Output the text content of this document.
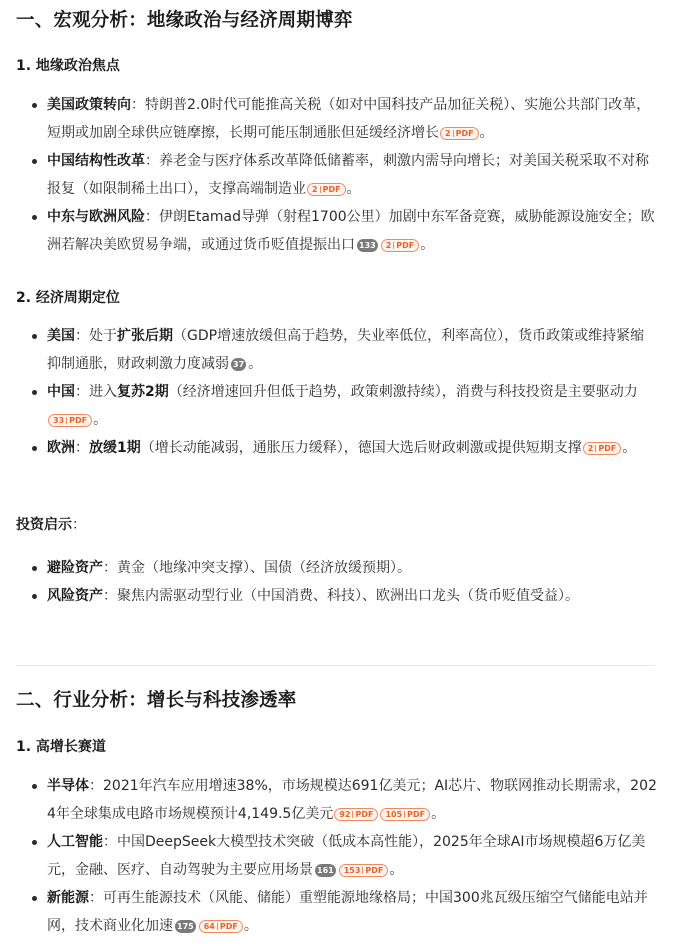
一、宏观分析：地缘政治与经济周期博弈
1. 地缘政治焦点
美国政策转向：特朗普2.0时代可能推高关税（如对中国科技产品加征关税）、实施公共部门改革，短期或加剧全球供应链摩擦，长期可能压制通胀但延缓经济增长 2 PDF 。
中国结构性改革：养老金与医疗体系改革降低储蓄率，刺激内需导向增长；对美国关税采取不对称报复（如限制稀土出口），支撑高端制造业 2 PDF 。
中东与欧洲风险：伊朗Etamad导弹（射程1700公里）加剧中东军备竞赛，威胁能源设施安全；欧洲若解决美欧贸易争端，或通过货币贬值提振出口 133 2 PDF 。
2. 经济周期定位
美国：处于扩张后期（GDP增速放缓但高于趋势，失业率低位，利率高位），货币政策或维持紧缩抑制通胀，财政刺激力度减弱 37 。
中国：进入复苏2期（经济增速回升但低于趋势，政策刺激持续），消费与科技投资是主要驱动力33 PDF 。
欧洲：放缓1期（增长动能减弱，通胀压力缓释），德国大选后财政刺激或提供短期支撑 2 PDF 。

投资启示：

避险资产：黄金（地缘冲突支撑）、国债（经济放缓预期）。
风险资产：聚焦内需驱动型行业（中国消费、科技）、欧洲出口龙头（货币贬值受益）。
二、行业分析：增长与科技渗透率
1. 高增长赛道
半导体：2021年汽车应用增速38%，市场规模达691亿美元；AI芯片、物联网推动长期需求，2024年全球集成电路市场规模预计4,149.5亿美元 92 PDF 105 PDF 。
人工智能：中国DeepSeek大模型技术突破（低成本高性能），2025年全球AI市场规模超6万亿美元，金融、医疗、自动驾驶为主要应用场景 161 153 PDF 。
新能源：可再生能源技术（风能、储能）重塑能源地缘格局；中国300兆瓦级压缩空气储能电站并网，技术商业化加速 175 64 PDF 。
